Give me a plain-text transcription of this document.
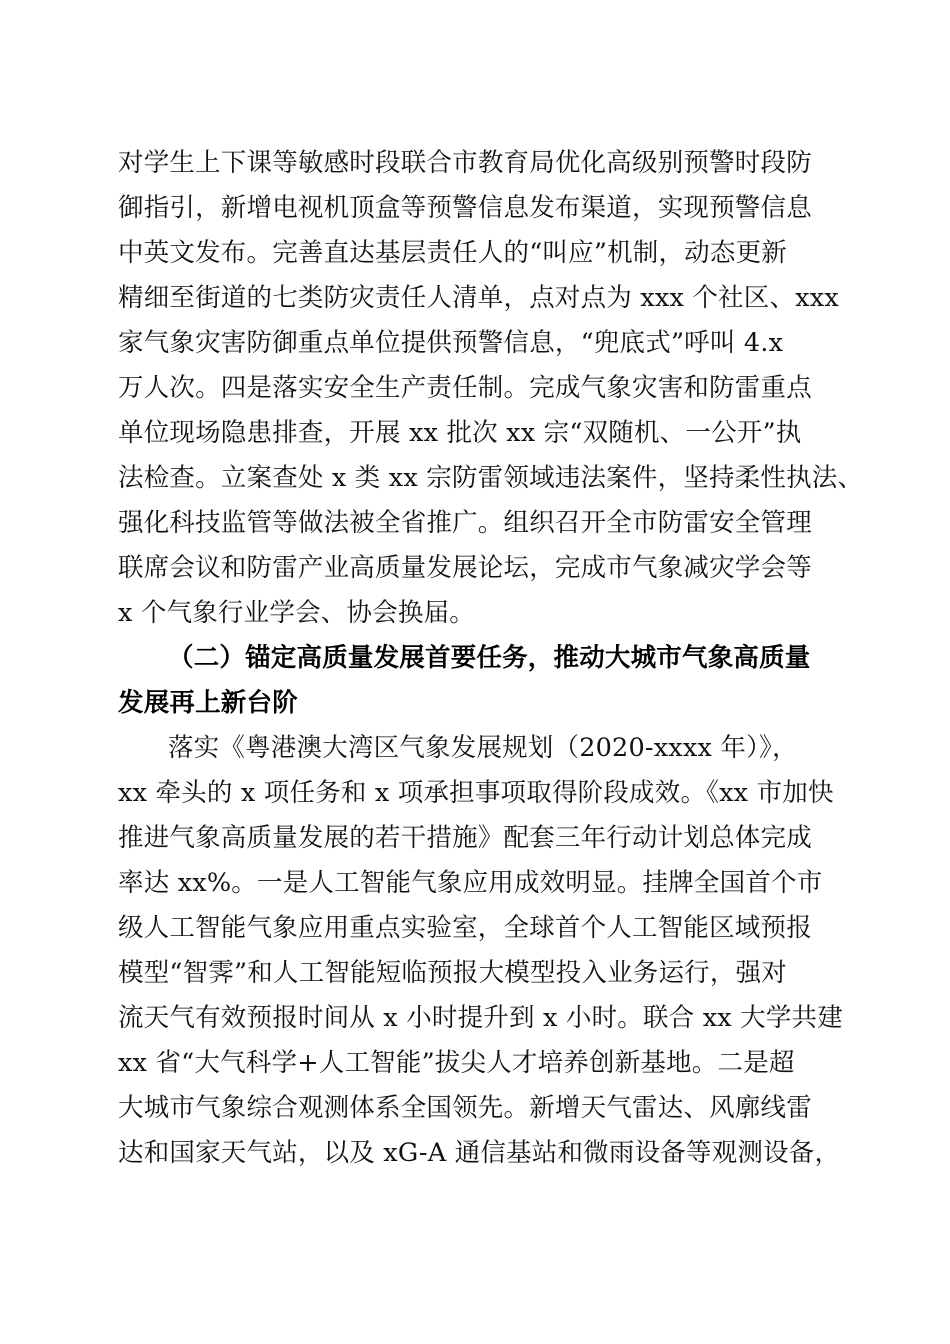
对学生上下课等敏感时段联合市教育局优化高级别预警时段防
御指引，新增电视机顶盒等预警信息发布渠道，实现预警信息
中英文发布。完善直达基层责任人的“叫应”机制，动态更新
精细至街道的七类防灾责任人清单，点对点为 xxx 个社区、xxx
家气象灾害防御重点单位提供预警信息，“兜底式”呼叫 4.x
万人次。四是落实安全生产责任制。完成气象灾害和防雷重点
单位现场隐患排查，开展 xx 批次 xx 宗“双随机、一公开”执
法检查。立案查处 x 类 xx 宗防雷领域违法案件，坚持柔性执法、
强化科技监管等做法被全省推广。组织召开全市防雷安全管理
联席会议和防雷产业高质量发展论坛，完成市气象减灾学会等
x 个气象行业学会、协会换届。
（二）锚定高质量发展首要任务，推动大城市气象高质量
发展再上新台阶
落实《粤港澳大湾区气象发展规划（2020-xxxx 年）》，
xx 牵头的 x 项任务和 x 项承担事项取得阶段成效。《xx 市加快
推进气象高质量发展的若干措施》配套三年行动计划总体完成
率达 xx%。一是人工智能气象应用成效明显。挂牌全国首个市
级人工智能气象应用重点实验室，全球首个人工智能区域预报
模型“智霁”和人工智能短临预报大模型投入业务运行，强对
流天气有效预报时间从 x 小时提升到 x 小时。联合 xx 大学共建
xx 省“大气科学+人工智能”拔尖人才培养创新基地。二是超
大城市气象综合观测体系全国领先。新增天气雷达、风廓线雷
达和国家天气站，以及 xG-A 通信基站和微雨设备等观测设备，
